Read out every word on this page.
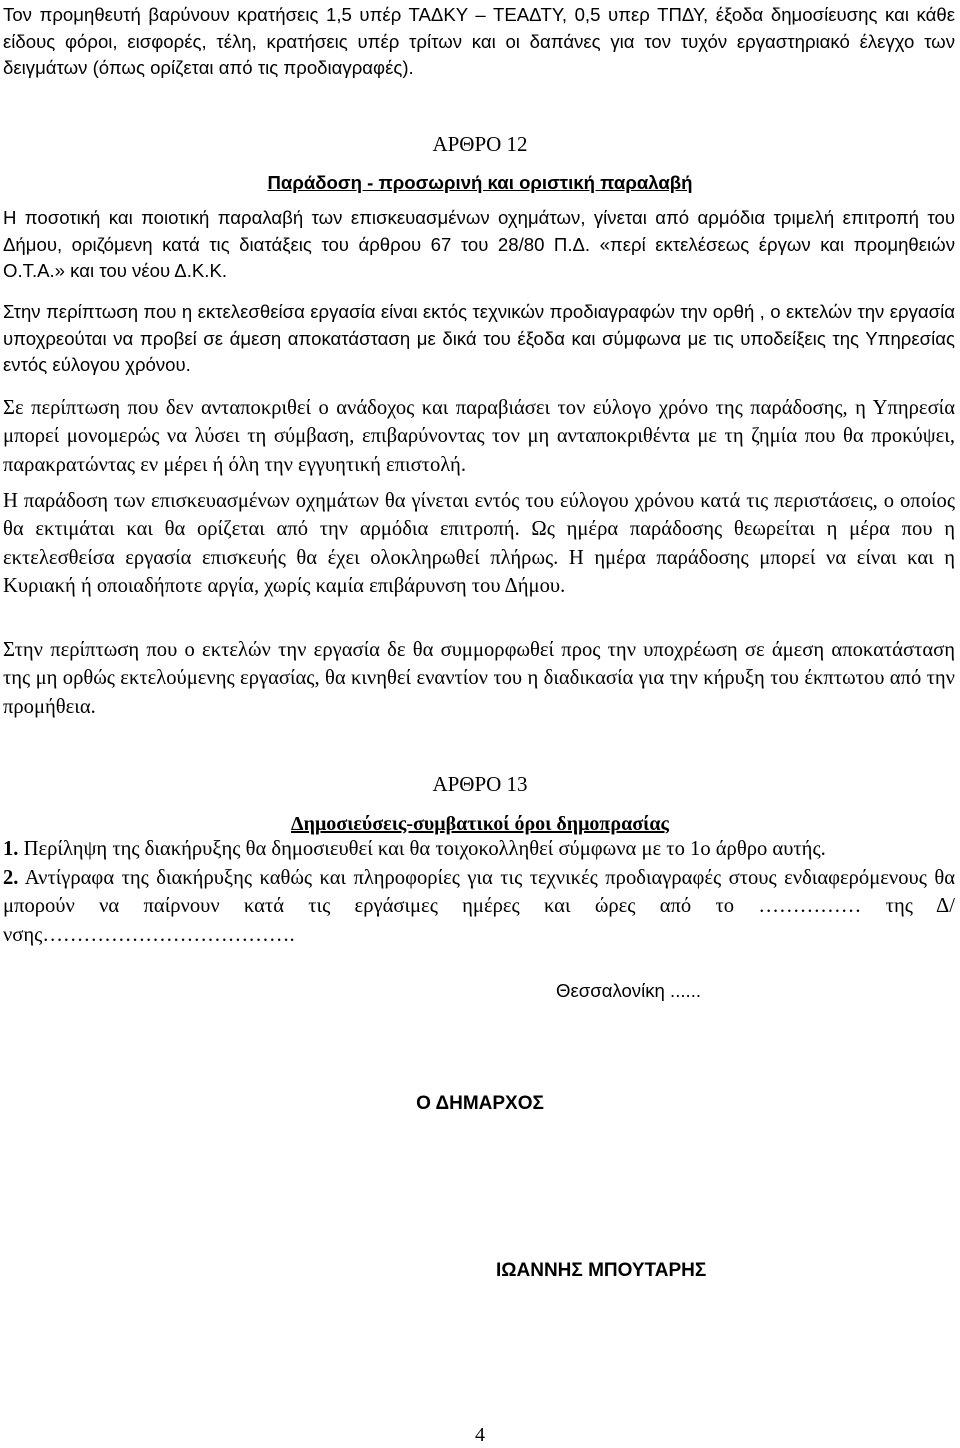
Τον προμηθευτή βαρύνουν κρατήσεις 1,5 υπέρ ΤΑΔΚΥ – ΤΕΑΔΤΥ, 0,5 υπερ ΤΠΔΥ, έξοδα δημοσίευσης και κάθε είδους φόροι, εισφορές, τέλη, κρατήσεις υπέρ τρίτων και οι δαπάνες για τον τυχόν εργαστηριακό έλεγχο των δειγμάτων (όπως ορίζεται από τις προδιαγραφές).

ΑΡΘΡΟ 12

Παράδοση - προσωρινή και οριστική παραλαβή

Η ποσοτική και ποιοτική παραλαβή των επισκευασμένων οχημάτων, γίνεται από αρμόδια τριμελή επιτροπή του Δήμου, οριζόμενη κατά τις διατάξεις του άρθρου 67 του 28/80 Π.Δ. «περί εκτελέσεως έργων και προμηθειών Ο.Τ.Α.» και του νέου Δ.Κ.Κ.

Στην περίπτωση που η εκτελεσθείσα εργασία είναι εκτός τεχνικών προδιαγραφών την ορθή , ο εκτελών την εργασία υποχρεούται να προβεί σε άμεση αποκατάσταση με δικά του έξοδα και σύμφωνα με τις υποδείξεις της Υπηρεσίας εντός εύλογου χρόνου.

Σε περίπτωση που δεν ανταποκριθεί ο ανάδοχος και παραβιάσει τον εύλογο χρόνο της παράδοσης, η Υπηρεσία μπορεί μονομερώς να λύσει τη σύμβαση, επιβαρύνοντας τον μη ανταποκριθέντα με τη ζημία που θα προκύψει, παρακρατώντας εν μέρει ή όλη την εγγυητική επιστολή.

Η παράδοση των επισκευασμένων οχημάτων θα γίνεται εντός του εύλογου χρόνου κατά τις περιστάσεις, ο οποίος θα εκτιμάται και θα ορίζεται από την αρμόδια επιτροπή. Ως ημέρα παράδοσης θεωρείται η μέρα που η εκτελεσθείσα εργασία επισκευής θα έχει ολοκληρωθεί πλήρως. Η ημέρα παράδοσης μπορεί να είναι και η Κυριακή ή οποιαδήποτε αργία, χωρίς καμία επιβάρυνση του Δήμου.

Στην περίπτωση που ο εκτελών την εργασία δε θα συμμορφωθεί προς την υποχρέωση σε άμεση αποκατάσταση της μη ορθώς εκτελούμενης εργασίας, θα κινηθεί εναντίον του η διαδικασία για την κήρυξη του έκπτωτου από την προμήθεια.

ΑΡΘΡΟ 13

Δημοσιεύσεις-συμβατικοί όροι δημοπρασίας

1. Περίληψη της διακήρυξης θα δημοσιευθεί και θα τοιχοκολληθεί σύμφωνα με το 1ο άρθρο αυτής.

2. Αντίγραφα της διακήρυξης καθώς και πληροφορίες για τις τεχνικές προδιαγραφές στους ενδιαφερόμενους θα μπορούν να παίρνουν κατά τις εργάσιμες ημέρες και ώρες από το …………… της Δ/νσης……………………………….

Θεσσαλονίκη ......
Ο ΔΗΜΑΡΧΟΣ
ΙΩΑΝΝΗΣ ΜΠΟΥΤΑΡΗΣ
4
